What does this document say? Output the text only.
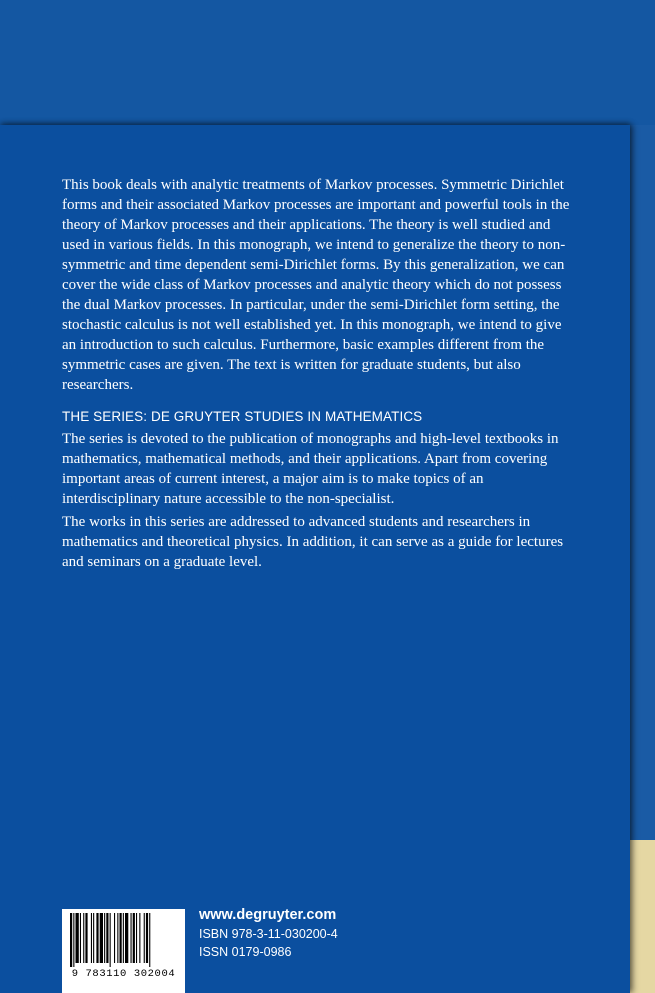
This book deals with analytic treatments of Markov processes. Symmetric Dirichlet forms and their associated Markov processes are important and powerful tools in the theory of Markov processes and their applications. The theory is well studied and used in various fields. In this monograph, we intend to generalize the theory to non-symmetric and time dependent semi-Dirichlet forms. By this generalization, we can cover the wide class of Markov processes and analytic theory which do not possess the dual Markov processes. In particular, under the semi-Dirichlet form setting, the stochastic calculus is not well established yet. In this monograph, we intend to give an introduction to such calculus. Furthermore, basic examples different from the symmetric cases are given. The text is written for graduate students, but also researchers.
THE SERIES: DE GRUYTER STUDIES IN MATHEMATICS
The series is devoted to the publication of monographs and high-level textbooks in mathematics, mathematical methods, and their applications. Apart from covering important areas of current interest, a major aim is to make topics of an interdisciplinary nature accessible to the non-specialist.
The works in this series are addressed to advanced students and researchers in mathematics and theoretical physics. In addition, it can serve as a guide for lectures and seminars on a graduate level.
9 783110 302004
www.degruyter.com
ISBN 978-3-11-030200-4
ISSN 0179-0986
